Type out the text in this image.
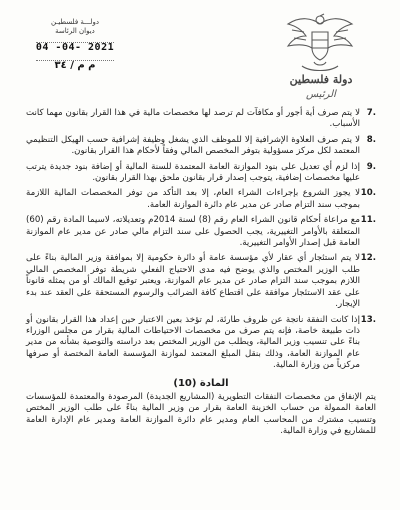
دولـــة فلسطيـن
ديوان الرئاسة
04 -04- 2021
م م / ٣٤
دولة فلسطين
الرئيس
.7
لا يتم صرف أية أجور أو مكافآت لم ترصد لها مخصصات مالية في هذا القرار بقانون مهما كانت الأسباب.
.8
لا يتم صرف العلاوة الإشرافية إلا للموظف الذي يشغل وظيفة إشرافية حسب الهيكل التنظيمي المعتمد لكل مركز مسؤولية بتوفر المخصص المالي وفقاً لأحكام هذا القرار بقانون.
.9
إذا لزم أي تعديل على بنود الموازنة العامة المعتمدة للسنة المالية أو إضافة بنود جديدة يترتب عليها مخصصات إضافية، يتوجب إصدار قرار بقانون ملحق بهذا القرار بقانون.
.10
لا يجوز الشروع بإجراءات الشراء العام، إلا بعد التأكد من توفر المخصصات المالية اللازمة بموجب سند التزام صادر عن مدير عام دائرة الموازنة العامة.
.11
مع مراعاة أحكام قانون الشراء العام رقم (8) لسنة 2014م وتعديلاته، لاسيما المادة رقم (60) المتعلقة بالأوامر التغييرية، يجب الحصول على سند التزام مالي صادر عن مدير عام الموازنة العامة قبل إصدار الأوامر التغييرية.
.12
لا يتم استئجار أي عقار لأي مؤسسة عامة أو دائرة حكومية إلا بموافقة وزير المالية بناءً على طلب الوزير المختص والذي يوضح فيه مدى الاحتياج الفعلي شريطة توفر المخصص المالي اللازم بموجب سند التزام صادر عن مدير عام الموازنة، ويعتبر توقيع المالك أو من يمثله قانوناً على عقد الاستئجار موافقة على اقتطاع كافة الضرائب والرسوم المستحقة على العقد عند بدء الإيجار.
.13
إذا كانت النفقة ناتجة عن ظروف طارئة، لم تؤخذ بعين الاعتبار حين إعداد هذا القرار بقانون أو ذات طبيعة خاصة، فإنه يتم صرف من مخصصات الاحتياطات المالية بقرار من مجلس الوزراء بناءً على تنسيب وزير المالية، ويطلب من الوزير المختص بعد دراسته والتوصية بشأنه من مدير عام الموازنة العامة، وذلك بنقل المبلغ المعتمد لموازنة المؤسسة العامة المختصة أو صرفها مركزياً من وزارة المالية.
المادة (10)

يتم الإنفاق من مخصصات النفقات التطويرية (المشاريع الجديدة) المرصودة والمعتمدة للمؤسسات العامة الممولة من حساب الخزينة العامة بقرار من وزير المالية بناءً على طلب الوزير المختص وتنسيب مشترك من المحاسب العام ومدير عام دائرة الموازنة العامة ومدير عام الإدارة العامة للمشاريع في وزارة المالية.
